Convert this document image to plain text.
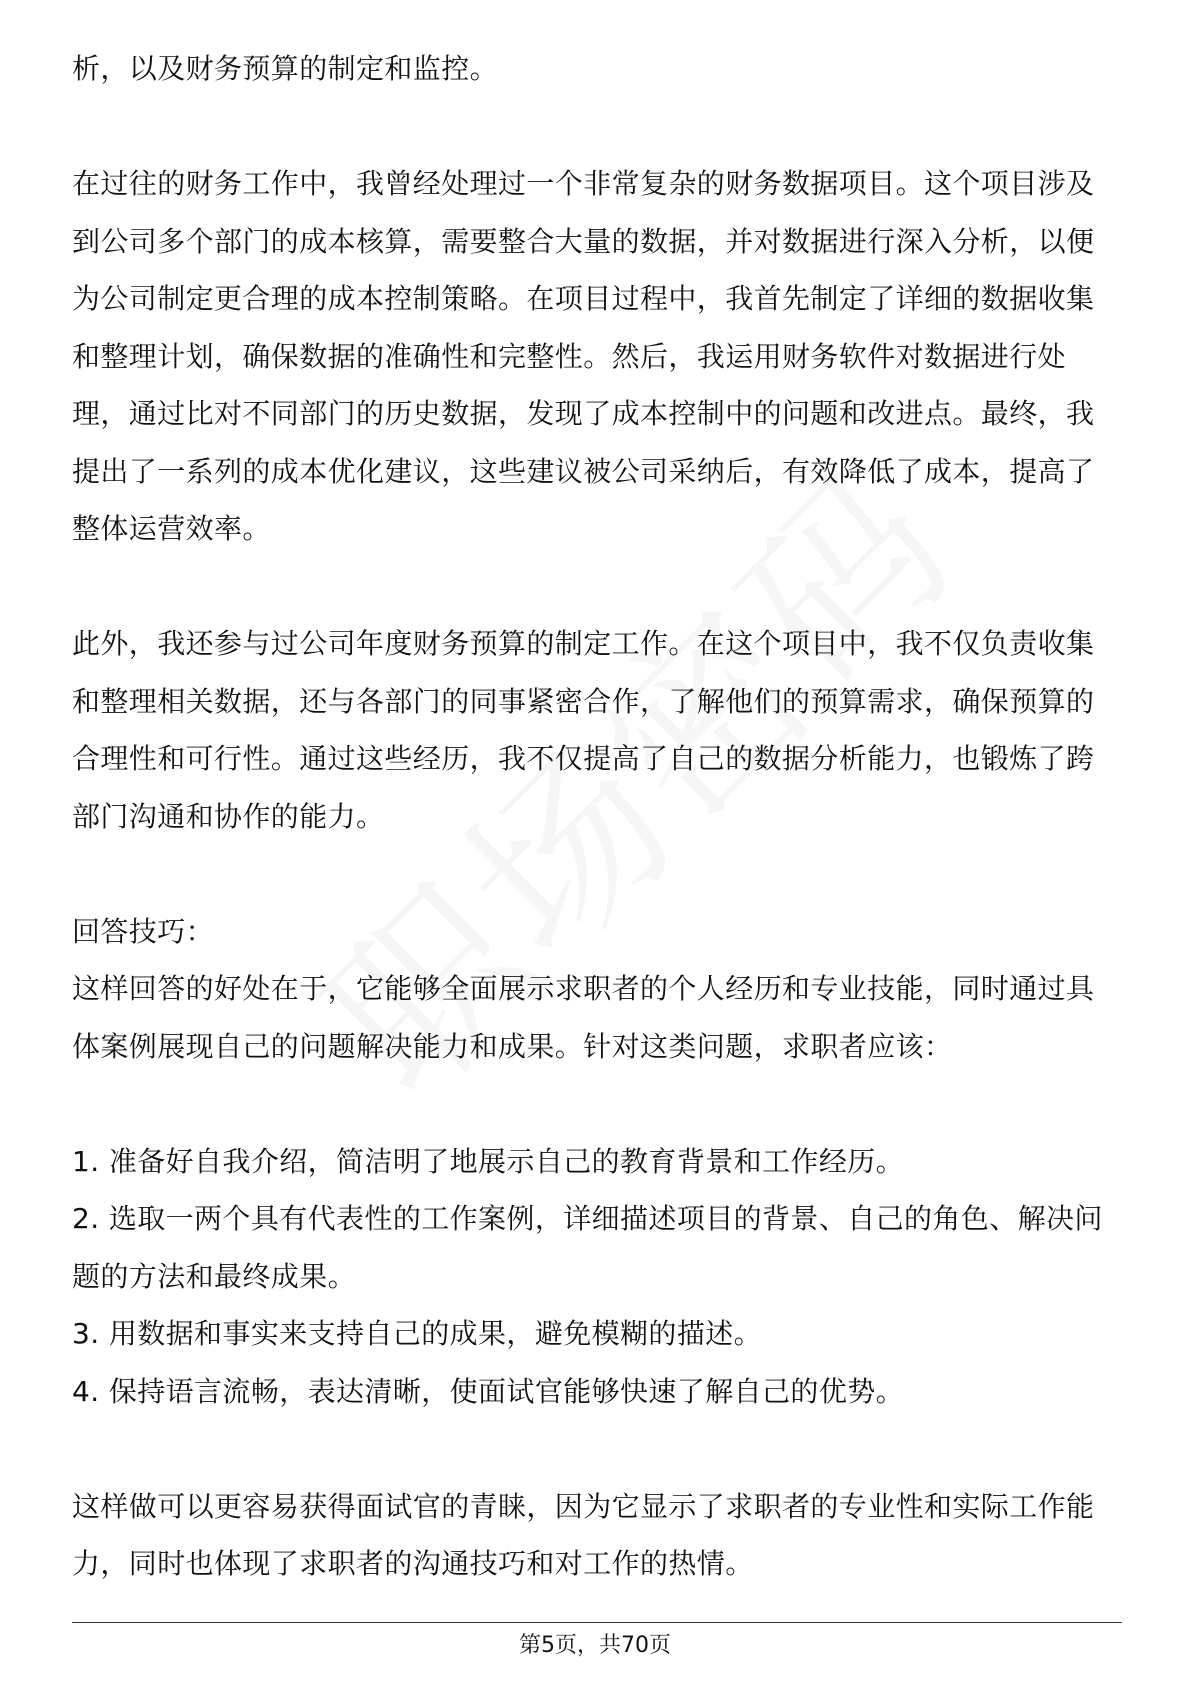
析，以及财务预算的制定和监控。

在过往的财务工作中，我曾经处理过一个非常复杂的财务数据项目。这个项目涉及到公司多个部门的成本核算，需要整合大量的数据，并对数据进行深入分析，以便为公司制定更合理的成本控制策略。在项目过程中，我首先制定了详细的数据收集和整理计划，确保数据的准确性和完整性。然后，我运用财务软件对数据进行处理，通过比对不同部门的历史数据，发现了成本控制中的问题和改进点。最终，我提出了一系列的成本优化建议，这些建议被公司采纳后，有效降低了成本，提高了整体运营效率。

此外，我还参与过公司年度财务预算的制定工作。在这个项目中，我不仅负责收集和整理相关数据，还与各部门的同事紧密合作，了解他们的预算需求，确保预算的合理性和可行性。通过这些经历，我不仅提高了自己的数据分析能力，也锻炼了跨部门沟通和协作的能力。

回答技巧：

这样回答的好处在于，它能够全面展示求职者的个人经历和专业技能，同时通过具体案例展现自己的问题解决能力和成果。针对这类问题，求职者应该：

1. 准备好自我介绍，简洁明了地展示自己的教育背景和工作经历。

2. 选取一两个具有代表性的工作案例，详细描述项目的背景、自己的角色、解决问题的方法和最终成果。

3. 用数据和事实来支持自己的成果，避免模糊的描述。

4. 保持语言流畅，表达清晰，使面试官能够快速了解自己的优势。

这样做可以更容易获得面试官的青睐，因为它显示了求职者的专业性和实际工作能力，同时也体现了求职者的沟通技巧和对工作的热情。

第5页，共70页
